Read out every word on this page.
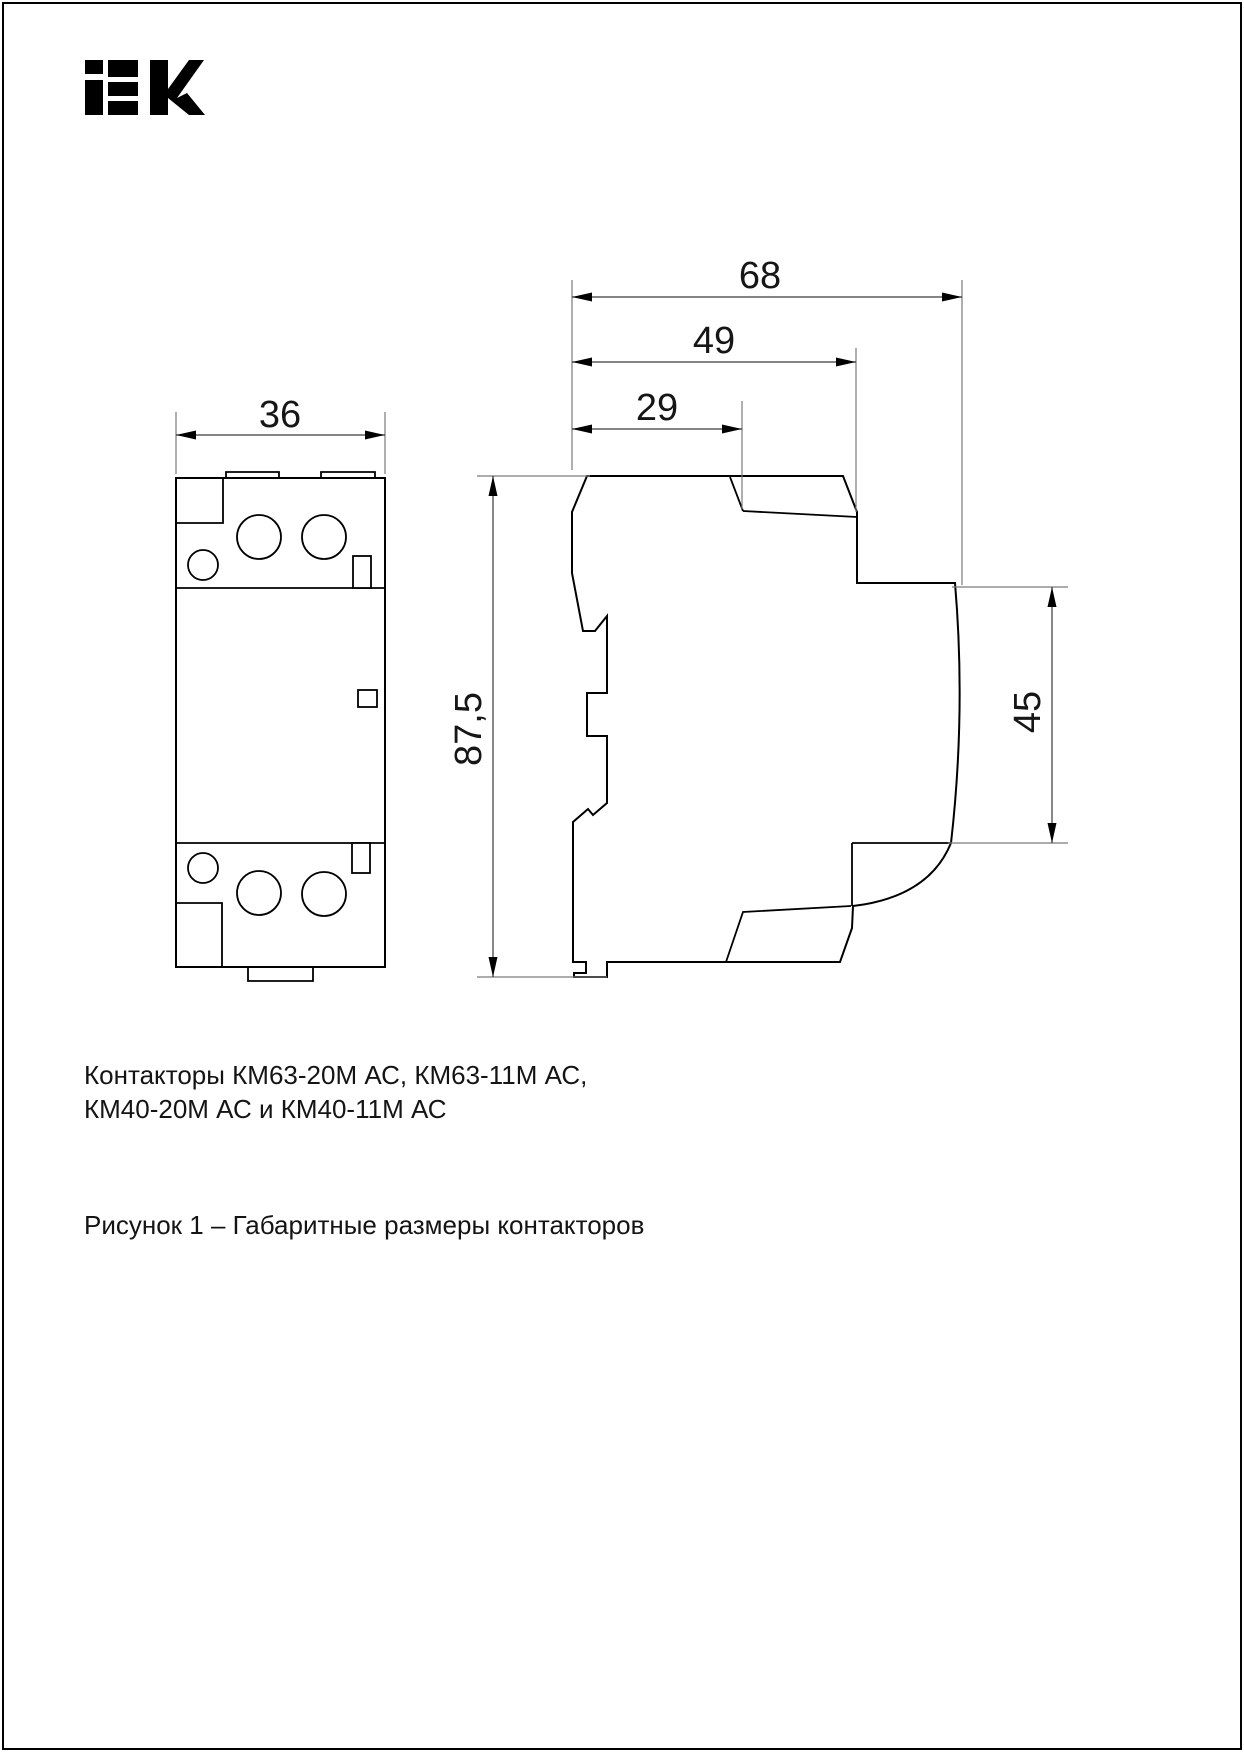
36
68
49
29
87,5	45
Контакторы КМ63-20М АС, КМ63-11М АС,
КМ40-20М АС и КМ40-11М АС
Рисунок 1 – Габаритные размеры контакторов
